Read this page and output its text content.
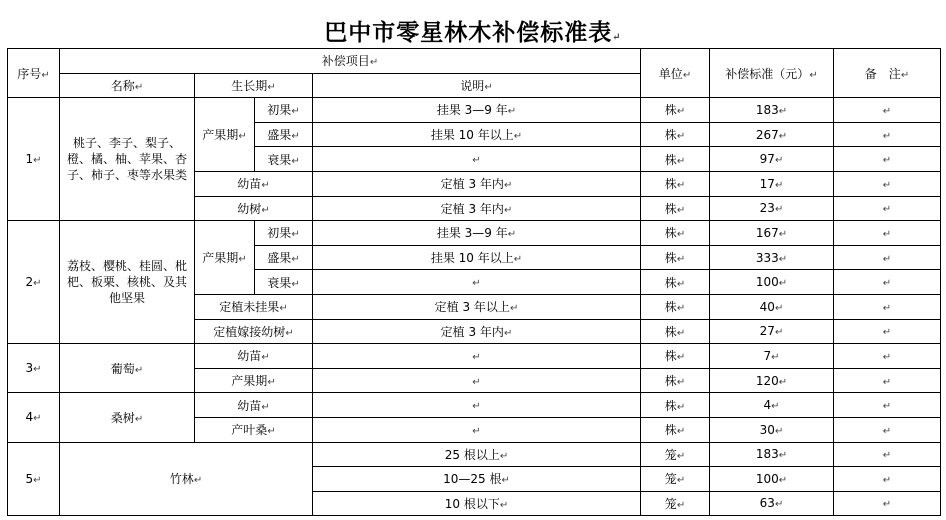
巴中市零星林木补偿标准表↵
序号↵	补偿项目↵				单位↵	补偿标准（元）↵	备　注↵
	名称↵	生长期↵		说明↵			
1↵	桃子、李子、梨子、橙、橘、柚、苹果、杏子、柿子、枣等水果类	产果期↵	初果↵	挂果 3—9 年↵	株↵	183↵	↵
			盛果↵	挂果 10 年以上↵	株↵	267↵	↵
			衰果↵	↵	株↵	97↵	↵
		幼苗↵		定植 3 年内↵	株↵	17↵	↵
		幼树↵		定植 3 年内↵	株↵	23↵	↵
2↵	荔枝、樱桃、桂圆、枇杷、板栗、核桃、及其他坚果	产果期↵	初果↵	挂果 3—9 年↵	株↵	167↵	↵
			盛果↵	挂果 10 年以上↵	株↵	333↵	↵
			衰果↵	↵	株↵	100↵	↵
		定植未挂果↵		定植 3 年以上↵	株↵	40↵	↵
		定植嫁接幼树↵		定植 3 年内↵	株↵	27↵	↵
3↵	葡萄↵	幼苗↵		↵	株↵	7↵	↵
		产果期↵		↵	株↵	120↵	↵
4↵	桑树↵	幼苗↵		↵	株↵	4↵	↵
		产叶桑↵		↵	株↵	30↵	↵
5↵	竹林↵			25 根以上↵	笼↵	183↵	↵
				10—25 根↵	笼↵	100↵	↵
				10 根以下↵	笼↵	63↵	↵
